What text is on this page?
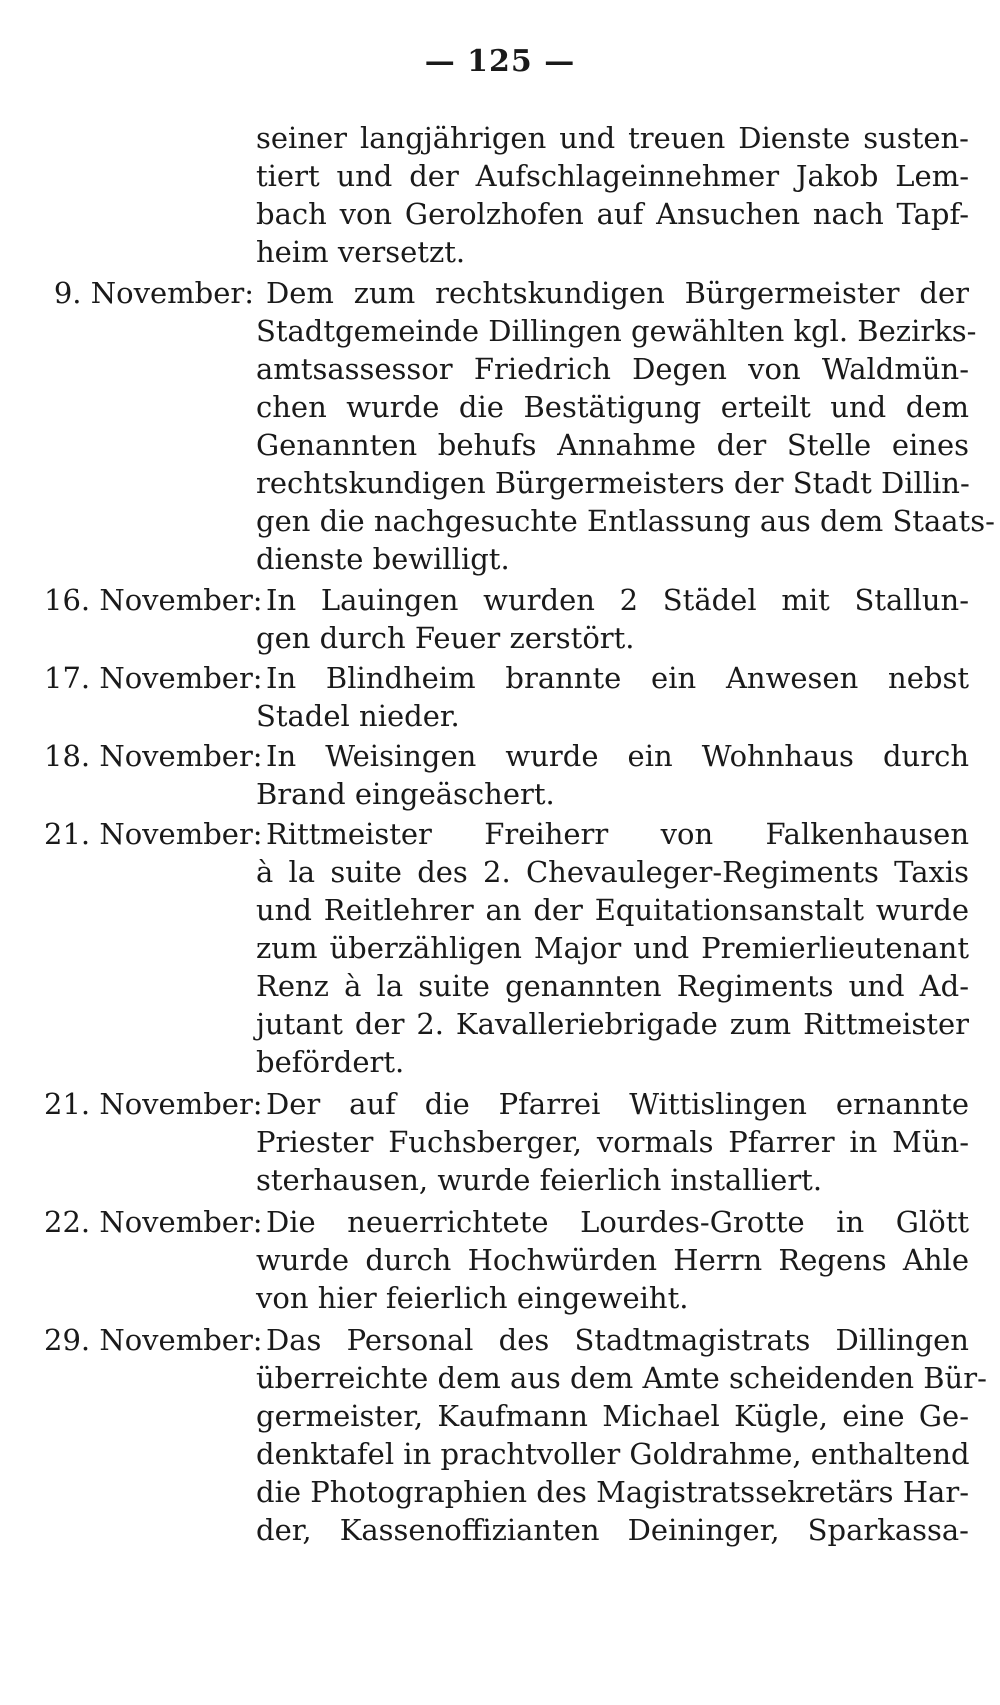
— 125 —
seiner langjährigen und treuen Dienste susten-
tiert und der Aufschlageinnehmer Jakob Lem-
bach von Gerolzhofen auf Ansuchen nach Tapf-
heim versetzt.
9. November: Dem zum rechtskundigen Bürgermeister der
Stadtgemeinde Dillingen gewählten kgl. Bezirks-
amtsassessor Friedrich Degen von Waldmün-
chen wurde die Bestätigung erteilt und dem
Genannten behufs Annahme der Stelle eines
rechtskundigen Bürgermeisters der Stadt Dillin-
gen die nachgesuchte Entlassung aus dem Staats-
dienste bewilligt.
16. November: In Lauingen wurden 2 Städel mit Stallun-
gen durch Feuer zerstört.
17. November: In Blindheim brannte ein Anwesen nebst
Stadel nieder.
18. November: In Weisingen wurde ein Wohnhaus durch
Brand eingeäschert.
21. November: Rittmeister Freiherr von Falkenhausen
à la suite des 2. Chevauleger-Regiments Taxis
und Reitlehrer an der Equitationsanstalt wurde
zum überzähligen Major und Premierlieutenant
Renz à la suite genannten Regiments und Ad-
jutant der 2. Kavalleriebrigade zum Rittmeister
befördert.
21. November: Der auf die Pfarrei Wittislingen ernannte
Priester Fuchsberger, vormals Pfarrer in Mün-
sterhausen, wurde feierlich installiert.
22. November: Die neuerrichtete Lourdes-Grotte in Glött
wurde durch Hochwürden Herrn Regens Ahle
von hier feierlich eingeweiht.
29. November: Das Personal des Stadtmagistrats Dillingen
überreichte dem aus dem Amte scheidenden Bür-
germeister, Kaufmann Michael Kügle, eine Ge-
denktafel in prachtvoller Goldrahme, enthaltend
die Photographien des Magistratssekretärs Har-
der, Kassenoffizianten Deininger, Sparkassa-
